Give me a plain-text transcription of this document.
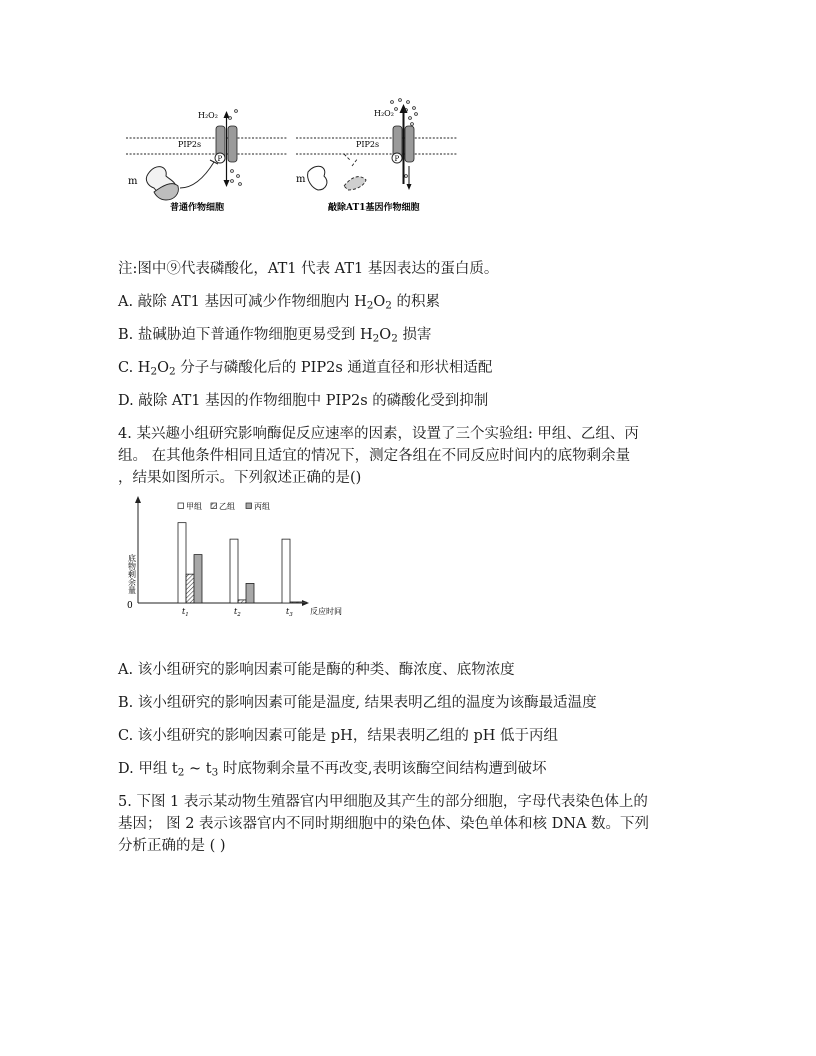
PIP2s
H₂O₂
P
m
普通作物细胞
PIP2s
H₂O₂
P
m
敲除AT1基因作物细胞
注:图中⑨代表磷酸化，AT1 代表 AT1 基因表达的蛋白质。
A. 敲除 AT1 基因可减少作物细胞内 $H_2O_2$ 的积累
B. 盐碱胁迫下普通作物细胞更易受到 $H_2O_2$ 损害
C. $H_2O_2$ 分子与磷酸化后的 PIP2s 通道直径和形状相适配
D. 敲除 AT1 基因的作物细胞中 PIP2s 的磷酸化受到抑制
4. 某兴趣小组研究影响酶促反应速率的因素，设置了三个实验组: 甲组、乙组、丙
组。 在其他条件相同且适宜的情况下，测定各组在不同反应时间内的底物剩余量
，结果如图所示。下列叙述正确的是()
0
底物剩余量
反应时间
甲组 乙组 丙组
$t_1$	$t_2$	$t_3$
A. 该小组研究的影响因素可能是酶的种类、酶浓度、底物浓度
B. 该小组研究的影响因素可能是温度, 结果表明乙组的温度为该酶最适温度
C. 该小组研究的影响因素可能是 pH，结果表明乙组的 pH 低于丙组
D. 甲组 $t_2$ ~ $t_3$ 时底物剩余量不再改变,表明该酶空间结构遭到破坏
5. 下图 1 表示某动物生殖器官内甲细胞及其产生的部分细胞，字母代表染色体上的
基因； 图 2 表示该器官内不同时期细胞中的染色体、染色单体和核 DNA 数。下列
分析正确的是 ( )
